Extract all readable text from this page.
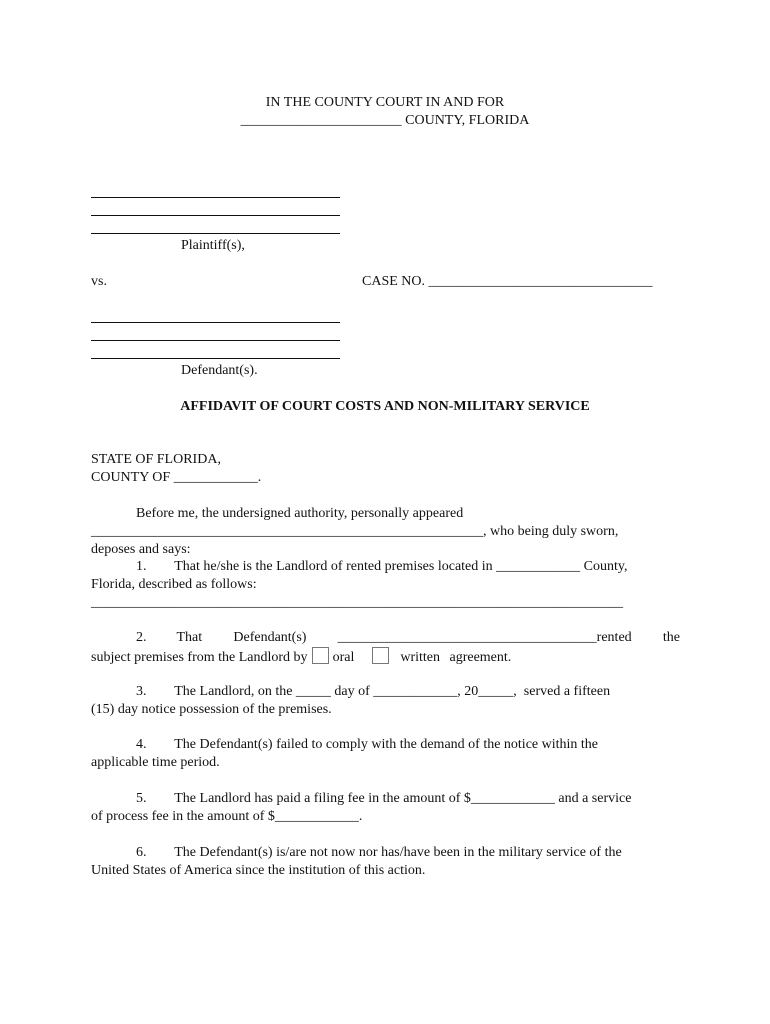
IN THE COUNTY COURT IN AND FOR
_______________________ COUNTY, FLORIDA
Plaintiff(s),
vs.	CASE NO. ________________________________
Defendant(s).
AFFIDAVIT OF COURT COSTS AND NON-MILITARY SERVICE
STATE OF FLORIDA,
COUNTY OF ____________.
Before me, the undersigned authority, personally appeared
________________________________________________________, who being duly sworn,
deposes and says:
1.        That he/she is the Landlord of rented premises located in ____________ County,
Florida, described as follows:
____________________________________________________________________________
2. That Defendant(s) _____________________________________rented the
subject premises from the Landlord by oral	written agreement.
3.        The Landlord, on the _____ day of ____________, 20_____,  served a fifteen
(15) day notice possession of the premises.
4.        The Defendant(s) failed to comply with the demand of the notice within the
applicable time period.
5.        The Landlord has paid a filing fee in the amount of $____________ and a service
of process fee in the amount of $____________.
6.        The Defendant(s) is/are not now nor has/have been in the military service of the
United States of America since the institution of this action.
